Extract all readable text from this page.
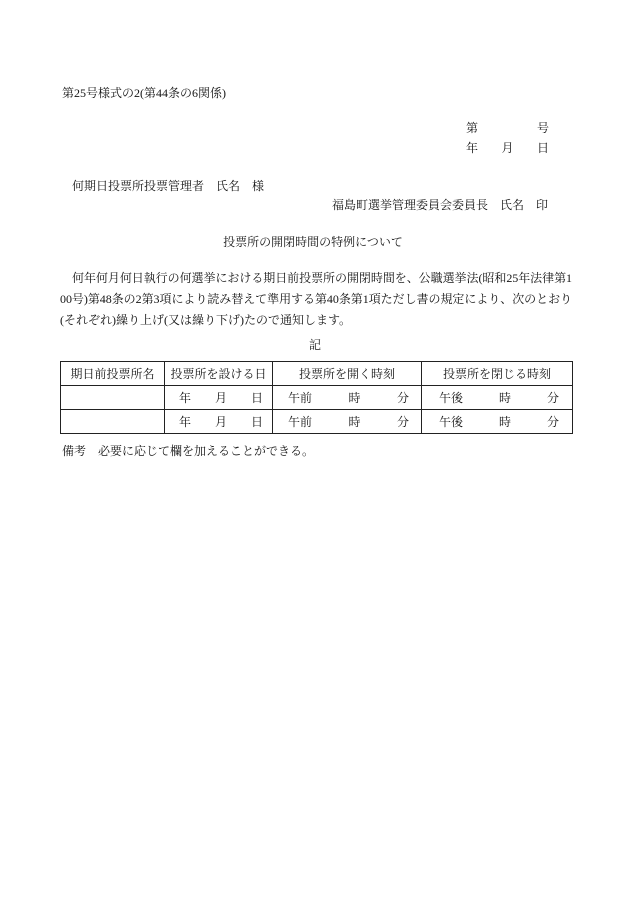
第25号様式の2(第44条の6関係)
第	号
年 月 日
何期日投票所投票管理者　氏名　様
福島町選挙管理委員会委員長　氏名　印
投票所の開閉時間の特例について
何年何月何日執行の何選挙における期日前投票所の開閉時間を、公職選挙法(昭和25年法律第1
00号)第48条の2第3項により読み替えて準用する第40条第1項ただし書の規定により、次のとおり
(それぞれ)繰り上げ(又は繰り下げ)たので通知します。
記
期日前投票所名	投票所を設ける日	投票所を開く時刻	投票所を閉じる時刻

	年 月 日	午前 時 分	午後 時 分

	年 月 日	午前 時 分	午後 時 分
備考　必要に応じて欄を加えることができる。
